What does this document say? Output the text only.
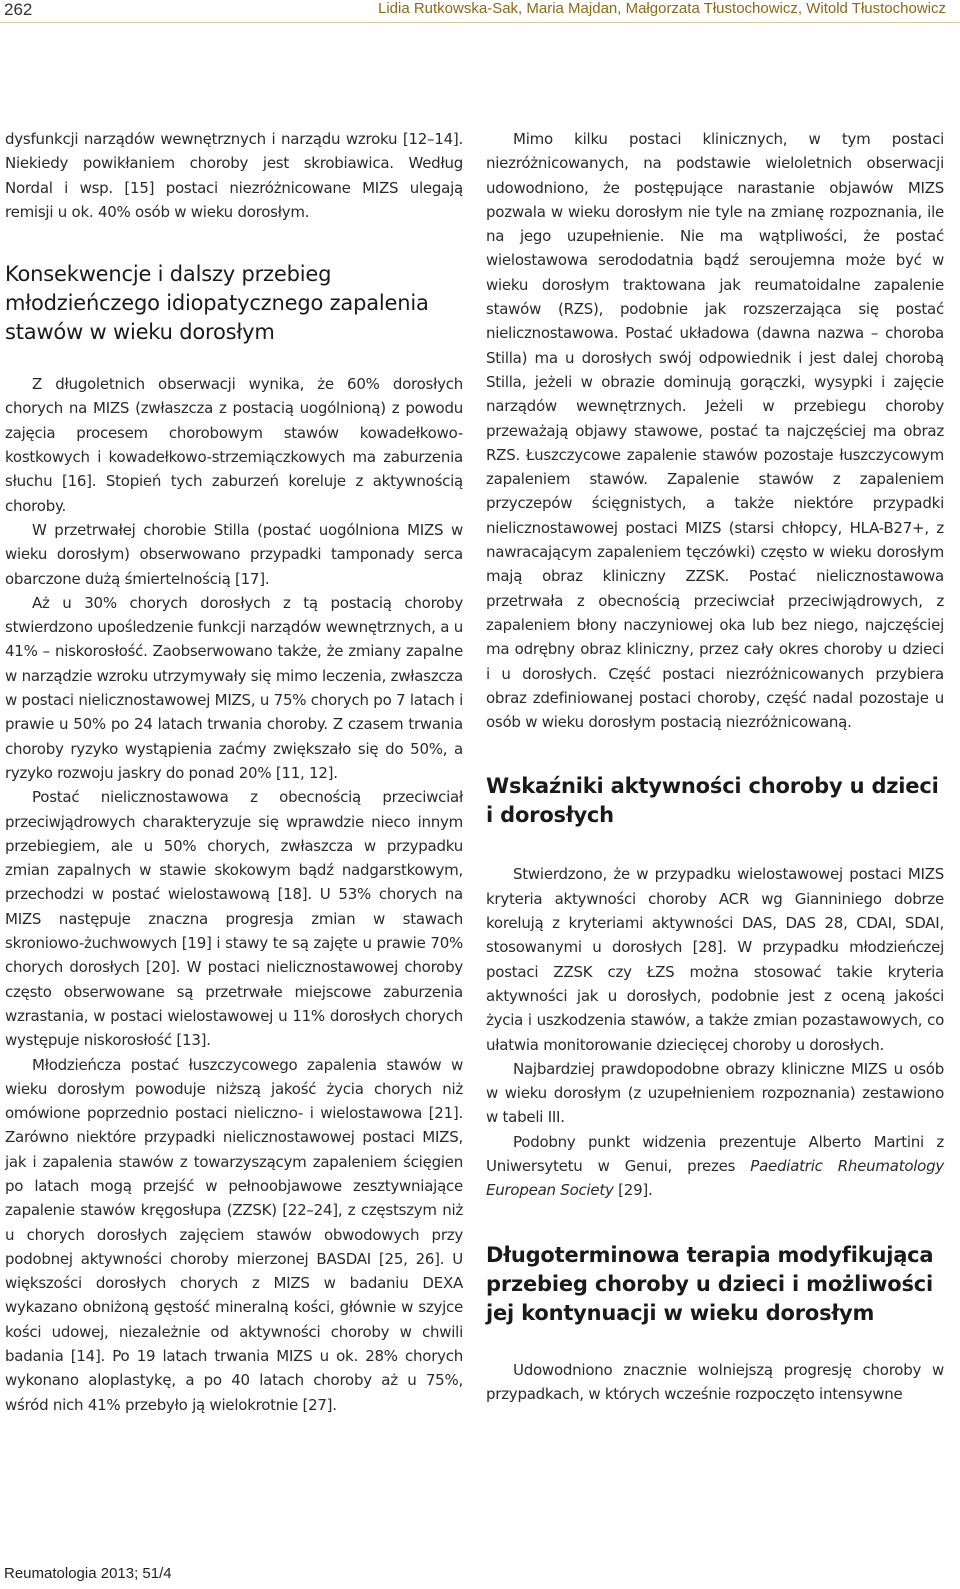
262	Lidia Rutkowska-Sak, Maria Majdan, Małgorzata Tłustochowicz, Witold Tłustochowicz

dysfunkcji narządów wewnętrznych i narządu wzroku [12–14]. Niekiedy powikłaniem choroby jest skrobiawica. Według Nordal i wsp. [15] postaci niezróżnicowane MIZS ulegają remisji u ok. 40% osób w wieku dorosłym.

Konsekwencje i dalszy przebieg młodzieńczego idiopatycznego zapalenia stawów w wieku dorosłym

Z długoletnich obserwacji wynika, że 60% dorosłych chorych na MIZS (zwłaszcza z postacią uogólnioną) z powodu zajęcia procesem chorobowym stawów kowadełkowo-kostkowych i kowadełkowo-strzemiączkowych ma zaburzenia słuchu [16]. Stopień tych zaburzeń koreluje z aktywnością choroby.

W przetrwałej chorobie Stilla (postać uogólniona MIZS w wieku dorosłym) obserwowano przypadki tamponady serca obarczone dużą śmiertelnością [17].

Aż u 30% chorych dorosłych z tą postacią choroby stwierdzono upośledzenie funkcji narządów wewnętrznych, a u 41% – niskorosłość. Zaobserwowano także, że zmiany zapalne w narządzie wzroku utrzymywały się mimo leczenia, zwłaszcza w postaci nielicznostawowej MIZS, u 75% chorych po 7 latach i prawie u 50% po 24 latach trwania choroby. Z czasem trwania choroby ryzyko wystąpienia zaćmy zwiększało się do 50%, a ryzyko rozwoju jaskry do ponad 20% [11, 12].

Postać nielicznostawowa z obecnością przeciwciał przeciwjądrowych charakteryzuje się wprawdzie nieco innym przebiegiem, ale u 50% chorych, zwłaszcza w przypadku zmian zapalnych w stawie skokowym bądź nadgarstkowym, przechodzi w postać wielostawową [18]. U 53% chorych na MIZS następuje znaczna progresja zmian w stawach skroniowo-żuchwowych [19] i stawy te są zajęte u prawie 70% chorych dorosłych [20]. W postaci nielicznostawowej choroby często obserwowane są przetrwałe miejscowe zaburzenia wzrastania, w postaci wielostawowej u 11% dorosłych chorych występuje niskorosłość [13].

Młodzieńcza postać łuszczycowego zapalenia stawów w wieku dorosłym powoduje niższą jakość życia chorych niż omówione poprzednio postaci nieliczno- i wielostawowa [21]. Zarówno niektóre przypadki nielicznostawowej postaci MIZS, jak i zapalenia stawów z towarzyszącym zapaleniem ścięgien po latach mogą przejść w pełnoobjawowe zesztywniające zapalenie stawów kręgosłupa (ZZSK) [22–24], z częstszym niż u chorych dorosłych zajęciem stawów obwodowych przy podobnej aktywności choroby mierzonej BASDAI [25, 26]. U większości dorosłych chorych z MIZS w badaniu DEXA wykazano obniżoną gęstość mineralną kości, głównie w szyjce kości udowej, niezależnie od aktywności choroby w chwili badania [14]. Po 19 latach trwania MIZS u ok. 28% chorych wykonano aloplastykę, a po 40 latach choroby aż u 75%, wśród nich 41% przebyło ją wielokrotnie [27].

Mimo kilku postaci klinicznych, w tym postaci niezróżnicowanych, na podstawie wieloletnich obserwacji udowodniono, że postępujące narastanie objawów MIZS pozwala w wieku dorosłym nie tyle na zmianę rozpoznania, ile na jego uzupełnienie. Nie ma wątpliwości, że postać wielostawowa serododatnia bądź seroujemna może być w wieku dorosłym traktowana jak reumatoidalne zapalenie stawów (RZS), podobnie jak rozszerzająca się postać nielicznostawowa. Postać układowa (dawna nazwa – choroba Stilla) ma u dorosłych swój odpowiednik i jest dalej chorobą Stilla, jeżeli w obrazie dominują gorączki, wysypki i zajęcie narządów wewnętrznych. Jeżeli w przebiegu choroby przeważają objawy stawowe, postać ta najczęściej ma obraz RZS. Łuszczycowe zapalenie stawów pozostaje łuszczycowym zapaleniem stawów. Zapalenie stawów z zapaleniem przyczepów ścięgnistych, a także niektóre przypadki nielicznostawowej postaci MIZS (starsi chłopcy, HLA-B27+, z nawracającym zapaleniem tęczówki) często w wieku dorosłym mają obraz kliniczny ZZSK. Postać nielicznostawowa przetrwała z obecnością przeciwciał przeciwjądrowych, z zapaleniem błony naczyniowej oka lub bez niego, najczęściej ma odrębny obraz kliniczny, przez cały okres choroby u dzieci i u dorosłych. Część postaci niezróżnicowanych przybiera obraz zdefiniowanej postaci choroby, część nadal pozostaje u osób w wieku dorosłym postacią niezróżnicowaną.

Wskaźniki aktywności choroby u dzieci i dorosłych

Stwierdzono, że w przypadku wielostawowej postaci MIZS kryteria aktywności choroby ACR wg Gianniniego dobrze korelują z kryteriami aktywności DAS, DAS 28, CDAI, SDAI, stosowanymi u dorosłych [28]. W przypadku młodzieńczej postaci ZZSK czy ŁZS można stosować takie kryteria aktywności jak u dorosłych, podobnie jest z oceną jakości życia i uszkodzenia stawów, a także zmian pozastawowych, co ułatwia monitorowanie dziecięcej choroby u dorosłych.

Najbardziej prawdopodobne obrazy kliniczne MIZS u osób w wieku dorosłym (z uzupełnieniem rozpoznania) zestawiono w tabeli III.

Podobny punkt widzenia prezentuje Alberto Martini z Uniwersytetu w Genui, prezes Paediatric Rheumatology European Society [29].

Długoterminowa terapia modyfikująca przebieg choroby u dzieci i możliwości jej kontynuacji w wieku dorosłym

Udowodniono znacznie wolniejszą progresję choroby w przypadkach, w których wcześnie rozpoczęto intensywne

Reumatologia 2013; 51/4
